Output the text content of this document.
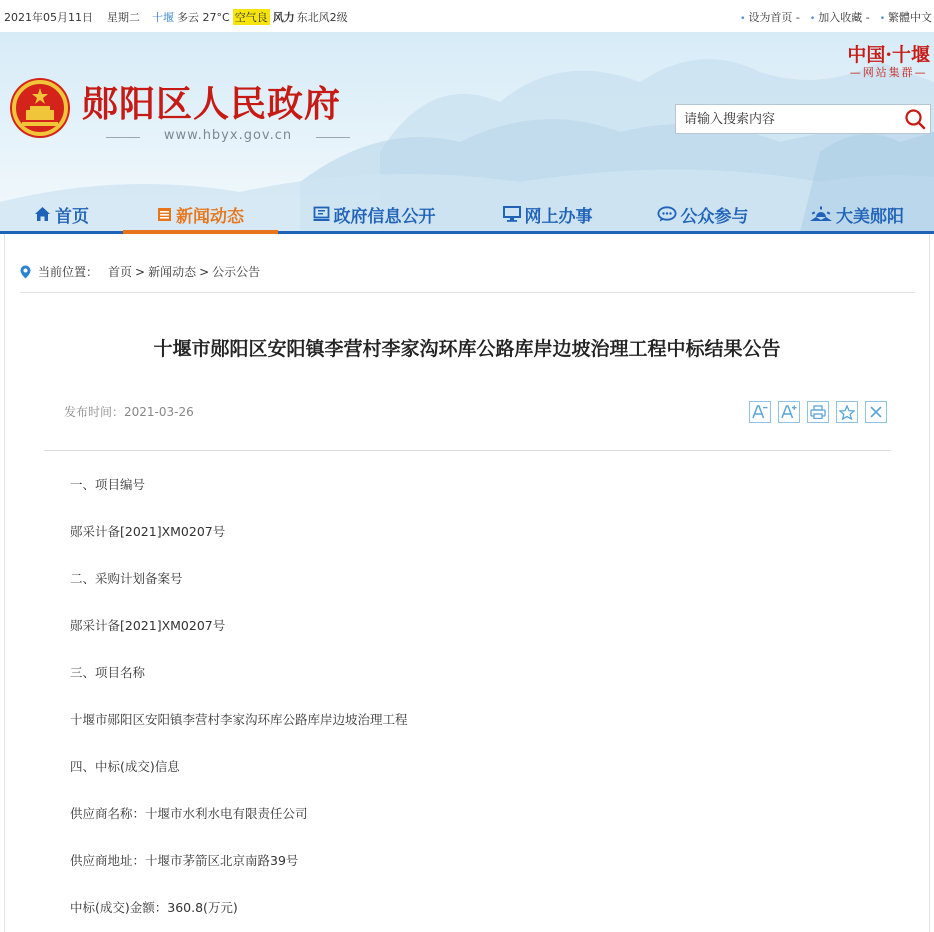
2021年05月11日 星期二 十堰 多云 27°C 空气良 风力 东北风2级	• 设为首页 -	• 加入收藏 -	• 繁體中文
郧阳区人民政府
www.hbyx.gov.cn
中国·十堰
—网站集群—
请输入搜索内容
首页	新闻动态	政府信息公开	网上办事	公众参与	大美郧阳
当前位置： 首页 > 新闻动态 > 公示公告
十堰市郧阳区安阳镇李营村李家沟环库公路库岸边坡治理工程中标结果公告
发布时间：2021-03-26

一、项目编号

郧采计备[2021]XM0207号

二、采购计划备案号

郧采计备[2021]XM0207号

三、项目名称

十堰市郧阳区安阳镇李营村李家沟环库公路库岸边坡治理工程

四、中标(成交)信息

供应商名称：十堰市水利水电有限责任公司

供应商地址：十堰市茅箭区北京南路39号

中标(成交)金额：360.8(万元)
